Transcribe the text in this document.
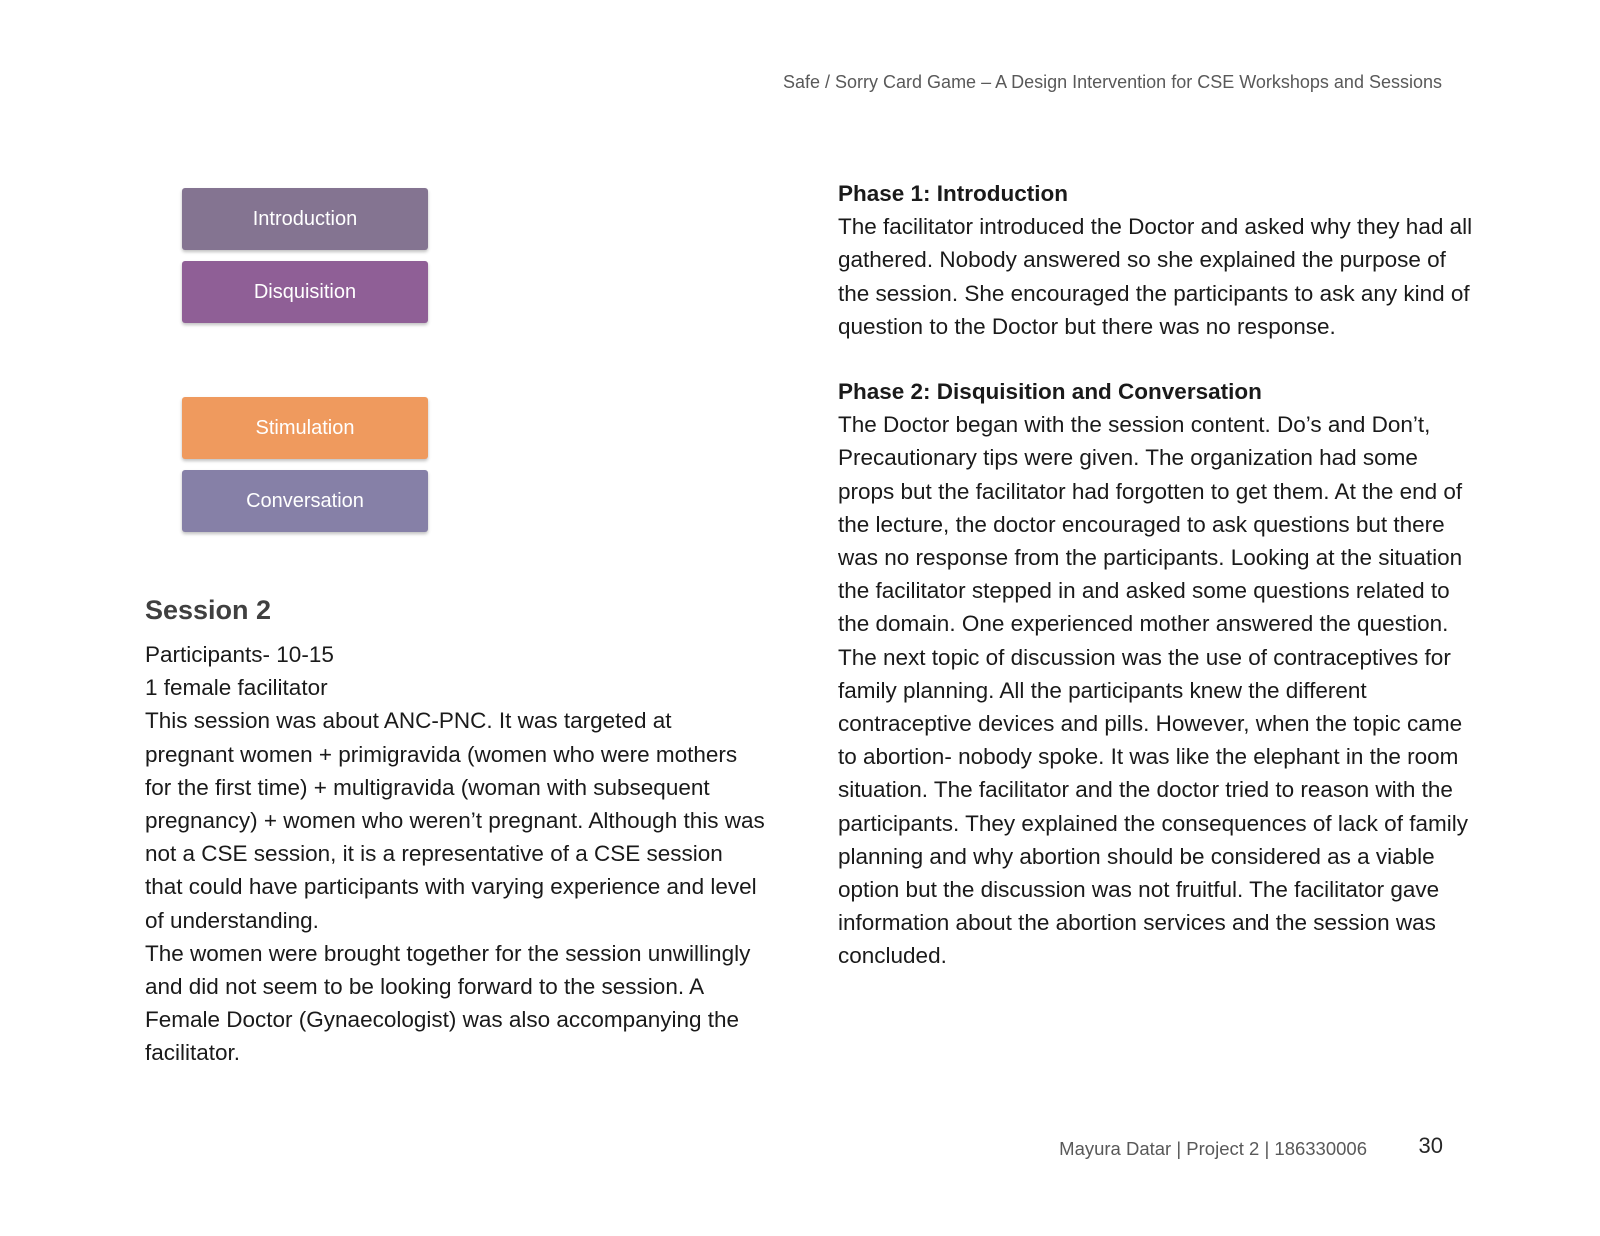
Safe / Sorry Card Game – A Design Intervention for CSE Workshops and Sessions
Introduction
Disquisition
Stimulation
Conversation
Session 2

Participants- 10-15

1 female facilitator

This session was about ANC-PNC. It was targeted at pregnant women + primigravida (women who were mothers for the first time) + multigravida (woman with subsequent pregnancy) + women who weren’t pregnant. Although this was not a CSE session, it is a representative of a CSE session that could have participants with varying experience and level of understanding.

The women were brought together for the session unwillingly and did not seem to be looking forward to the session. A Female Doctor (Gynaecologist) was also accompanying the facilitator.

Phase 1: Introduction

The facilitator introduced the Doctor and asked why they had all gathered. Nobody answered so she explained the purpose of the session. She encouraged the participants to ask any kind of question to the Doctor but there was no response.

Phase 2: Disquisition and Conversation

The Doctor began with the session content. Do’s and Don’t, Precautionary tips were given. The organization had some props but the facilitator had forgotten to get them. At the end of the lecture, the doctor encouraged to ask questions but there was no response from the participants. Looking at the situation the facilitator stepped in and asked some questions related to the domain. One experienced mother answered the question. The next topic of discussion was the use of contraceptives for family planning. All the participants knew the different contraceptive devices and pills. However, when the topic came to abortion- nobody spoke. It was like the elephant in the room situation. The facilitator and the doctor tried to reason with the participants. They explained the consequences of lack of family planning and why abortion should be considered as a viable option but the discussion was not fruitful. The facilitator gave information about the abortion services and the session was concluded.

Mayura Datar | Project 2 | 186330006 30
